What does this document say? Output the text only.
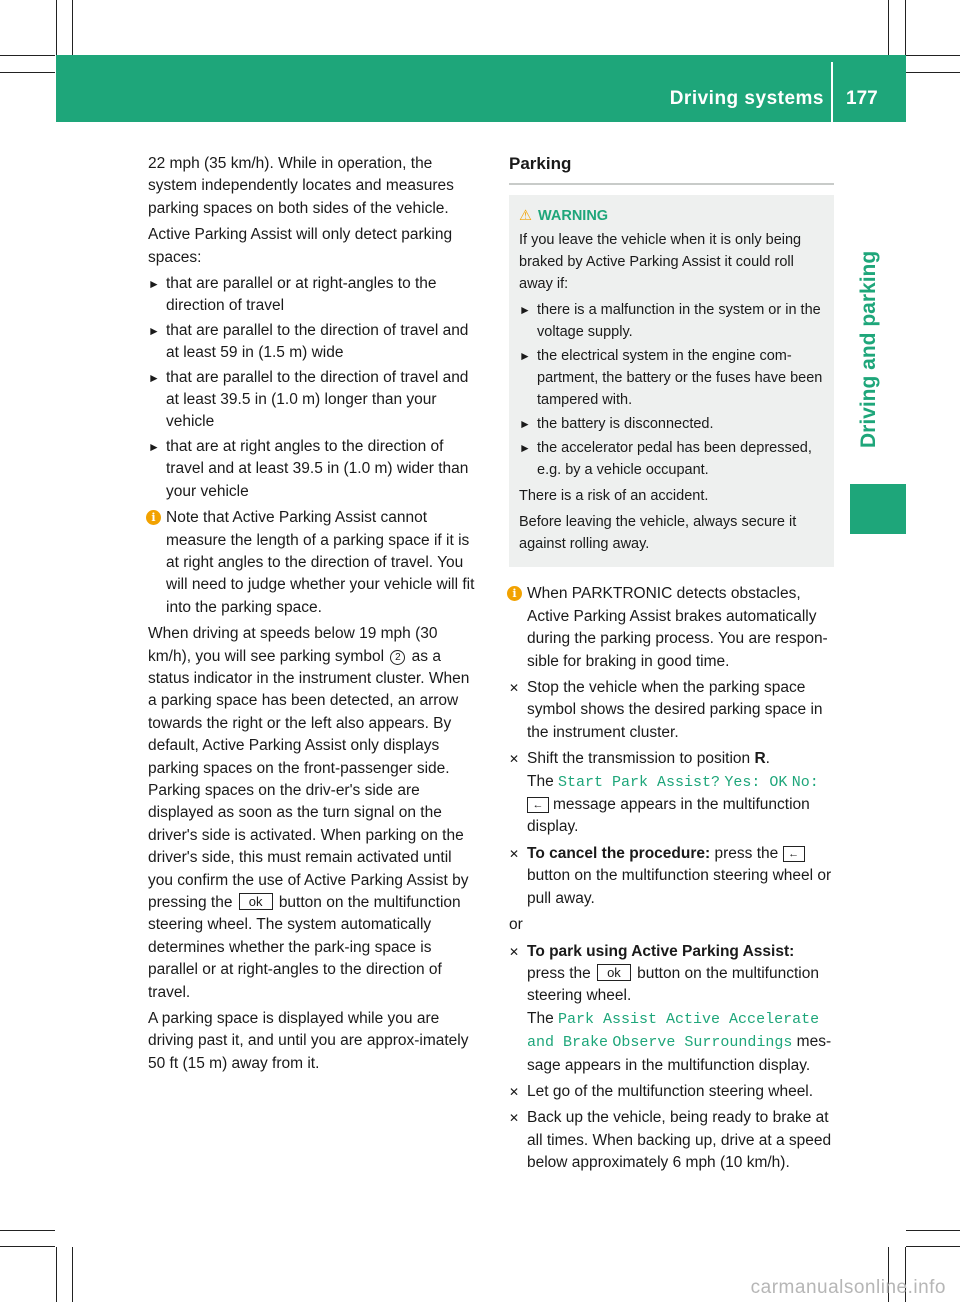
Driving systems 177
Driving and parking

22 mph (35 km/h). While in operation, the system independently locates and measures parking spaces on both sides of the vehicle.

Active Parking Assist will only detect parking spaces:

► that are parallel or at right-angles to the direction of travel
► that are parallel to the direction of travel and at least 59 in (1.5 m) wide
► that are parallel to the direction of travel and at least 39.5 in (1.0 m) longer than your vehicle
► that are at right angles to the direction of travel and at least 39.5 in (1.0 m) wider than your vehicle
i Note that Active Parking Assist cannot measure the length of a parking space if it is at right angles to the direction of travel. You will need to judge whether your vehicle will fit into the parking space.

When driving at speeds below 19 mph (30 km/h), you will see parking symbol 2 as a status indicator in the instrument cluster. When a parking space has been detected, an arrow towards the right or the left also appears. By default, Active Parking Assist only displays parking spaces on the front-passenger side. Parking spaces on the driv-er's side are displayed as soon as the turn signal on the driver's side is activated. When parking on the driver's side, this must remain activated until you confirm the use of Active Parking Assist by pressing the ok button on the multifunction steering wheel. The system automatically determines whether the park-ing space is parallel or at right-angles to the direction of travel.

A parking space is displayed while you are driving past it, and until you are approx-imately 50 ft (15 m) away from it.

Parking
⚠ WARNING

If you leave the vehicle when it is only being braked by Active Parking Assist it could roll away if:

► there is a malfunction in the system or in the voltage supply.
► the electrical system in the engine com-partment, the battery or the fuses have been tampered with.
► the battery is disconnected.
► the accelerator pedal has been depressed, e.g. by a vehicle occupant.

There is a risk of an accident.

Before leaving the vehicle, always secure it against rolling away.

i When PARKTRONIC detects obstacles, Active Parking Assist brakes automatically during the parking process. You are respon-sible for braking in good time.
✕ Stop the vehicle when the parking space symbol shows the desired parking space in the instrument cluster.
✕ Shift the transmission to position R.
The Start Park Assist? Yes: OK No: ← message appears in the multifunction display.
✕ To cancel the procedure: press the ← button on the multifunction steering wheel or pull away.

or

✕ To park using Active Parking Assist:
press the ok button on the multifunction steering wheel.
The Park Assist Active Accelerate and Brake Observe Surroundings mes-sage appears in the multifunction display.
✕ Let go of the multifunction steering wheel.
✕ Back up the vehicle, being ready to brake at all times. When backing up, drive at a speed below approximately 6 mph (10 km/h).
carmanualsonline.info
